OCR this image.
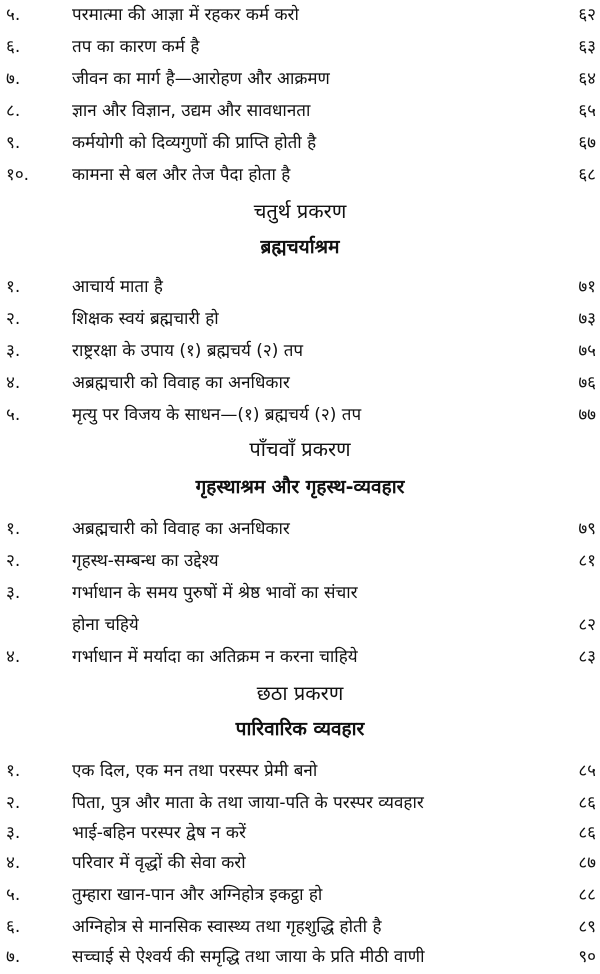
५.	परमात्मा की आज्ञा में रहकर कर्म करो	६२
६.	तप का कारण कर्म है	६३
७.	जीवन का मार्ग है—आरोहण और आक्रमण	६४
८.	ज्ञान और विज्ञान, उद्यम और सावधानता	६५
९.	कर्मयोगी को दिव्यगुणों की प्राप्ति होती है	६७
१०.	कामना से बल और तेज पैदा होता है	६८
चतुर्थ प्रकरण
ब्रह्मचर्याश्रम
१.	आचार्य माता है	७१
२.	शिक्षक स्वयं ब्रह्मचारी हो	७३
३.	राष्ट्ररक्षा के उपाय (१) ब्रह्मचर्य (२) तप	७५
४.	अब्रह्मचारी को विवाह का अनधिकार	७६
५.	मृत्यु पर विजय के साधन—(१) ब्रह्मचर्य (२) तप	७७
पाँचवाँ प्रकरण
गृहस्थाश्रम और गृहस्थ-व्यवहार
१.	अब्रह्मचारी को विवाह का अनधिकार	७९
२.	गृहस्थ-सम्बन्ध का उद्देश्य	८१
३.	गर्भाधान के समय पुरुषों में श्रेष्ठ भावों का संचार
होना चहिये	८२
४.	गर्भाधान में मर्यादा का अतिक्रम न करना चाहिये	८३
छठा प्रकरण
पारिवारिक व्यवहार
१.	एक दिल, एक मन तथा परस्पर प्रेमी बनो	८५
२.	पिता, पुत्र और माता के तथा जाया-पति के परस्पर व्यवहार	८६
३.	भाई-बहिन परस्पर द्वेष न करें	८६
४.	परिवार में वृद्धों की सेवा करो	८७
५.	तुम्हारा खान-पान और अग्निहोत्र इकट्ठा हो	८८
६.	अग्निहोत्र से मानसिक स्वास्थ्य तथा गृहशुद्धि होती है	८९
७.	सच्चाई से ऐश्वर्य की समृद्धि तथा जाया के प्रति मीठी वाणी	९०
